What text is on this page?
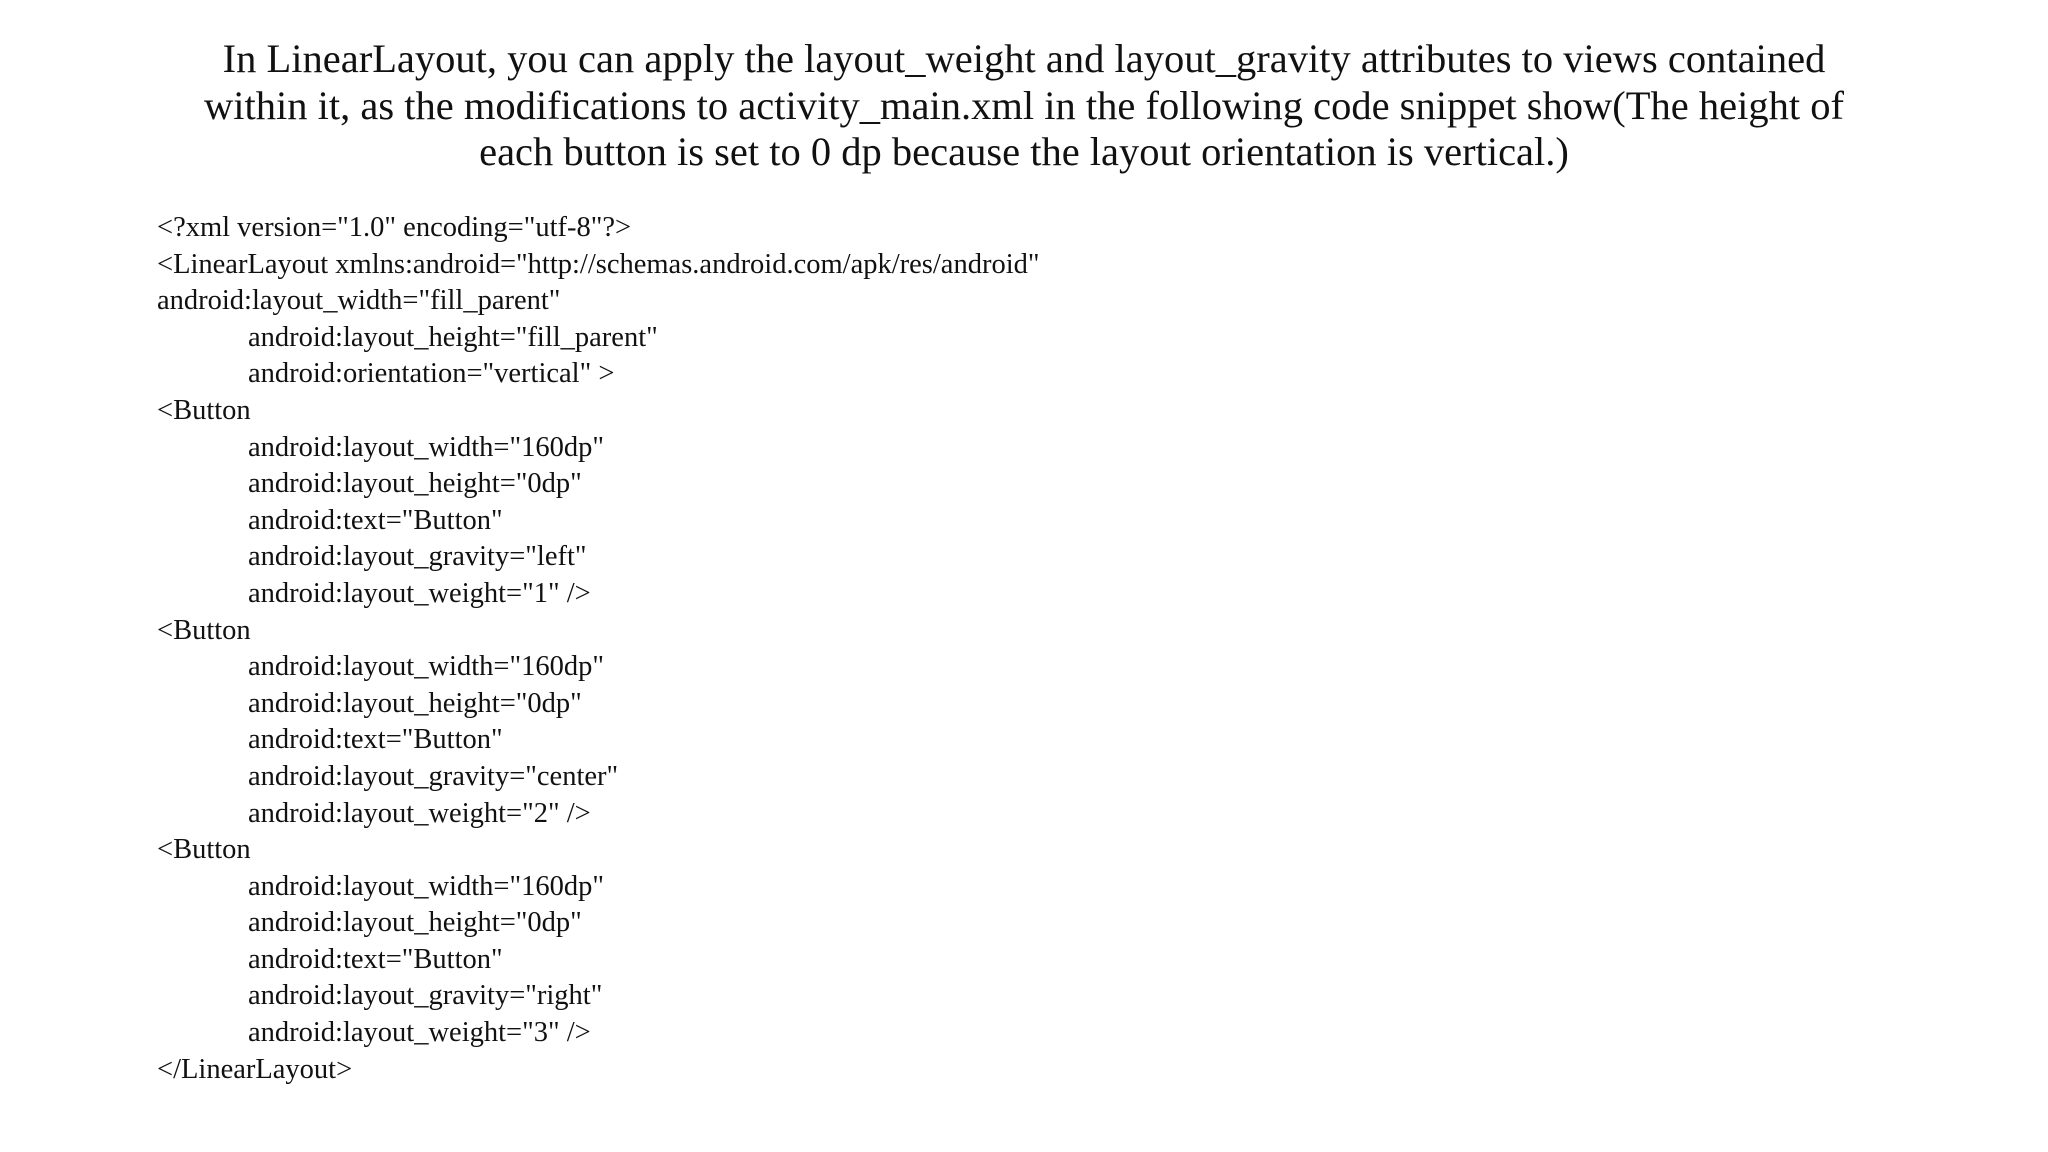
In LinearLayout, you can apply the layout_weight and layout_gravity attributes to views contained
within it, as the modifications to activity_main.xml in the following code snippet show(The height of
each button is set to 0 dp because the layout orientation is vertical.)
<?xml version="1.0" encoding="utf-8"?>
<LinearLayout xmlns:android="http://schemas.android.com/apk/res/android"
android:layout_width="fill_parent"
android:layout_height="fill_parent"
android:orientation="vertical" >
<Button
android:layout_width="160dp"
android:layout_height="0dp"
android:text="Button"
android:layout_gravity="left"
android:layout_weight="1" />
<Button
android:layout_width="160dp"
android:layout_height="0dp"
android:text="Button"
android:layout_gravity="center"
android:layout_weight="2" />
<Button
android:layout_width="160dp"
android:layout_height="0dp"
android:text="Button"
android:layout_gravity="right"
android:layout_weight="3" />
</LinearLayout>
